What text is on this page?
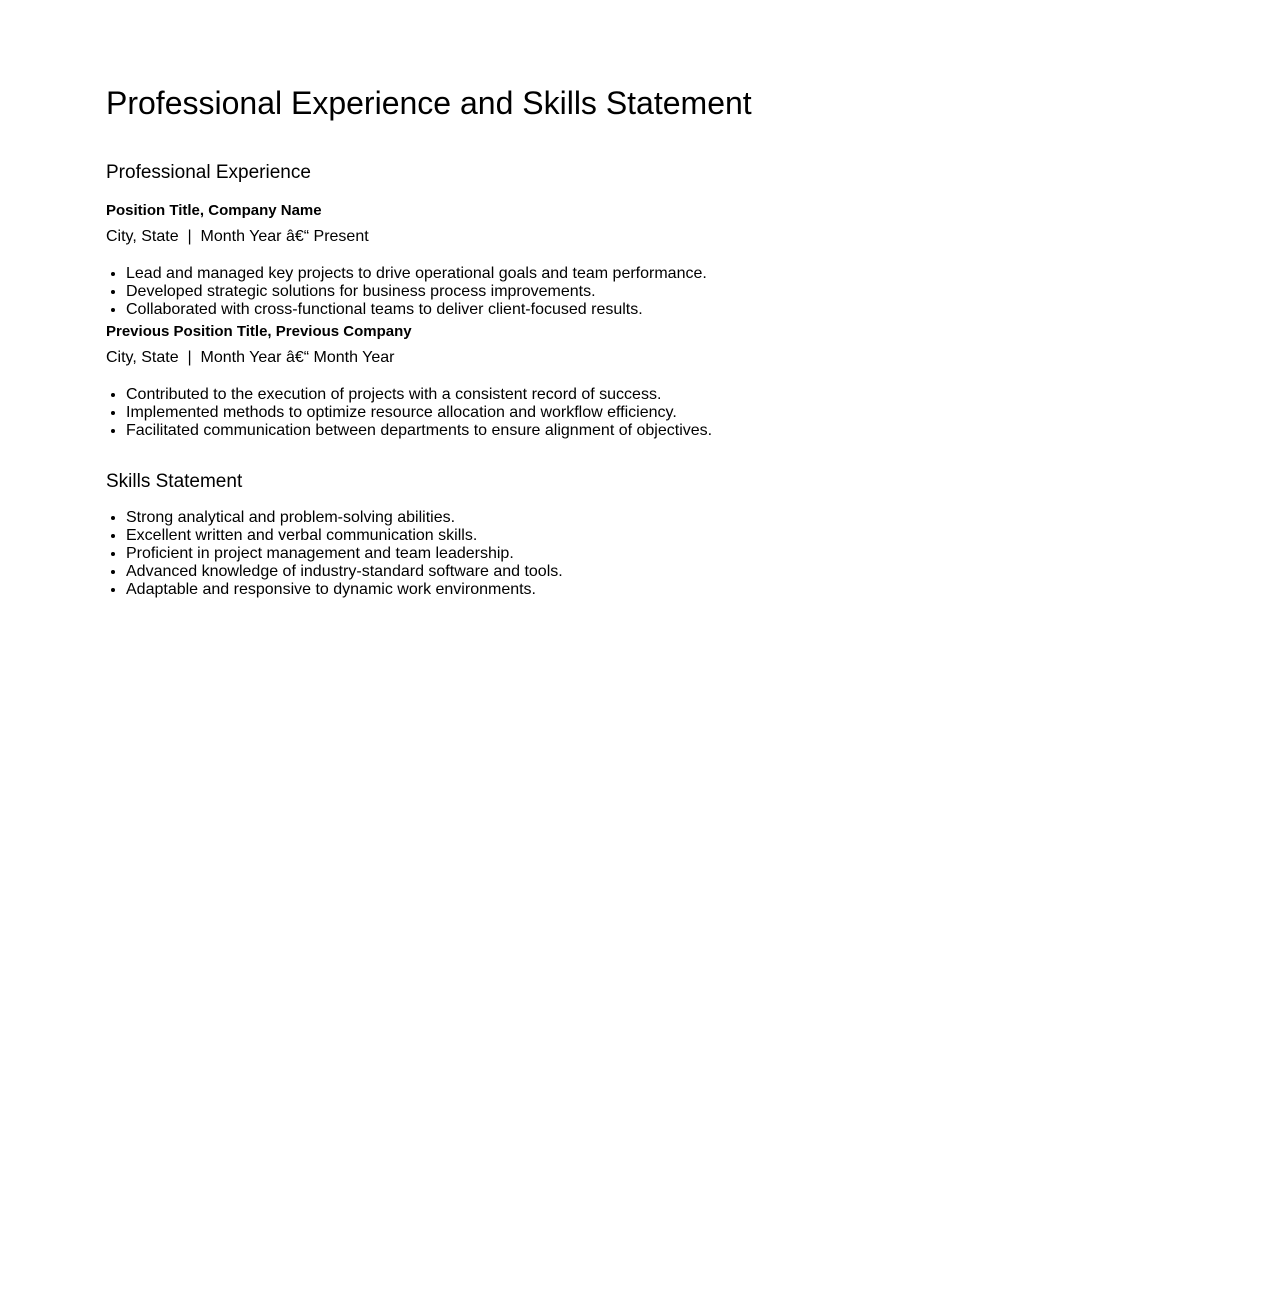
Professional Experience and Skills Statement
Professional Experience

Position Title, Company Name

City, State  |  Month Year â€“ Present

• Lead and managed key projects to drive operational goals and team performance.
• Developed strategic solutions for business process improvements.
• Collaborated with cross-functional teams to deliver client-focused results.

Previous Position Title, Previous Company

City, State  |  Month Year â€“ Month Year

• Contributed to the execution of projects with a consistent record of success.
• Implemented methods to optimize resource allocation and workflow efficiency.
• Facilitated communication between departments to ensure alignment of objectives.
Skills Statement
• Strong analytical and problem-solving abilities.
• Excellent written and verbal communication skills.
• Proficient in project management and team leadership.
• Advanced knowledge of industry-standard software and tools.
• Adaptable and responsive to dynamic work environments.
